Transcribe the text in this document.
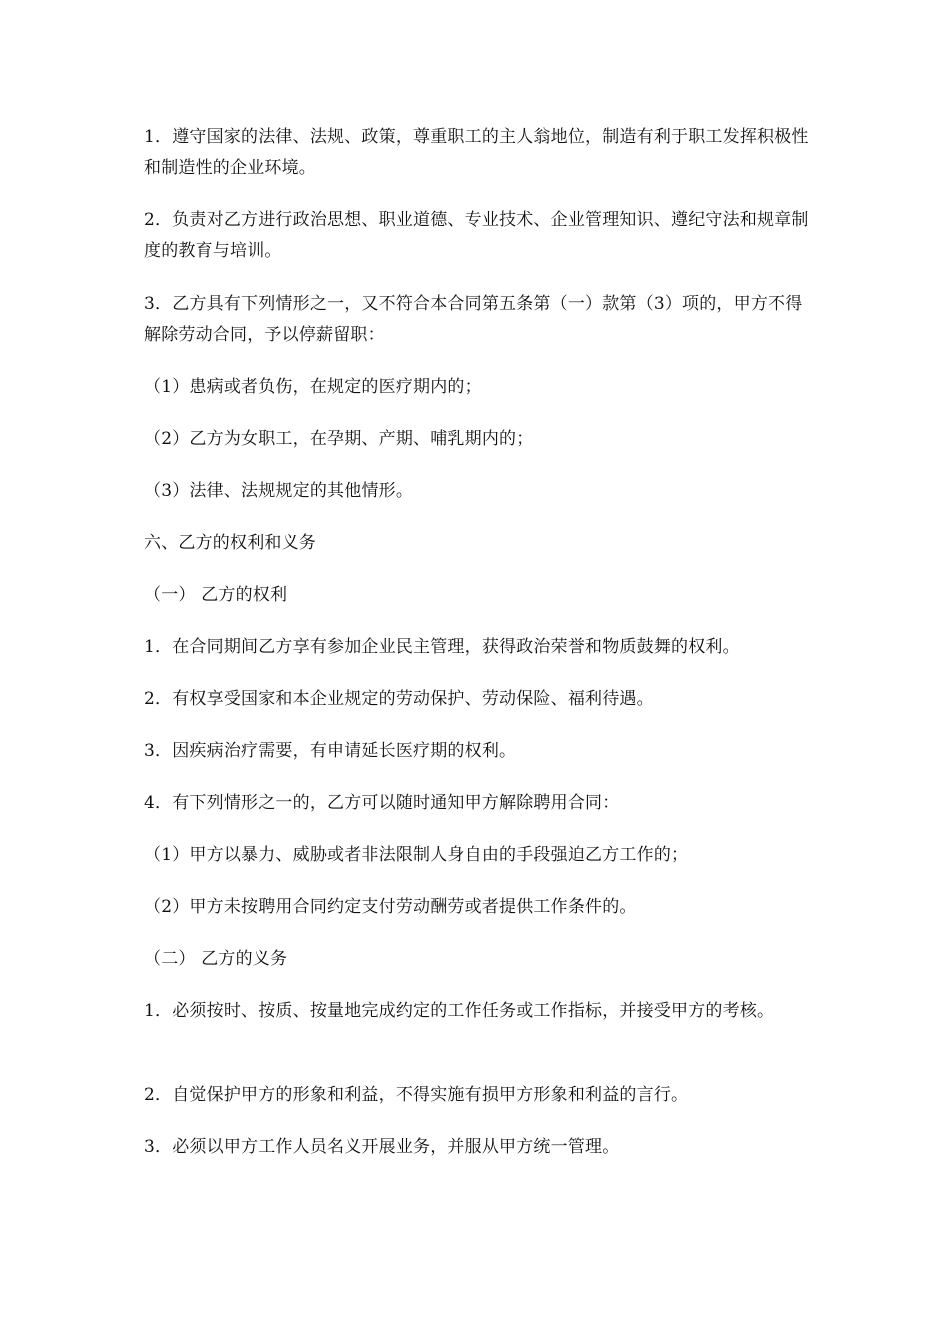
1．遵守国家的法律、法规、政策，尊重职工的主人翁地位，制造有利于职工发挥积极性和制造性的企业环境。

2．负责对乙方进行政治思想、职业道德、专业技术、企业管理知识、遵纪守法和规章制度的教育与培训。

3．乙方具有下列情形之一，又不符合本合同第五条第（一）款第（3）项的，甲方不得解除劳动合同，予以停薪留职：

（1）患病或者负伤，在规定的医疗期内的；

（2）乙方为女职工，在孕期、产期、哺乳期内的；

（3）法律、法规规定的其他情形。

六、乙方的权利和义务

（一） 乙方的权利

1．在合同期间乙方享有参加企业民主管理，获得政治荣誉和物质鼓舞的权利。

2．有权享受国家和本企业规定的劳动保护、劳动保险、福利待遇。

3．因疾病治疗需要，有申请延长医疗期的权利。

4．有下列情形之一的，乙方可以随时通知甲方解除聘用合同：

（1）甲方以暴力、威胁或者非法限制人身自由的手段强迫乙方工作的；

（2）甲方未按聘用合同约定支付劳动酬劳或者提供工作条件的。

（二） 乙方的义务

1．必须按时、按质、按量地完成约定的工作任务或工作指标，并接受甲方的考核。

2．自觉保护甲方的形象和利益，不得实施有损甲方形象和利益的言行。

3．必须以甲方工作人员名义开展业务，并服从甲方统一管理。
